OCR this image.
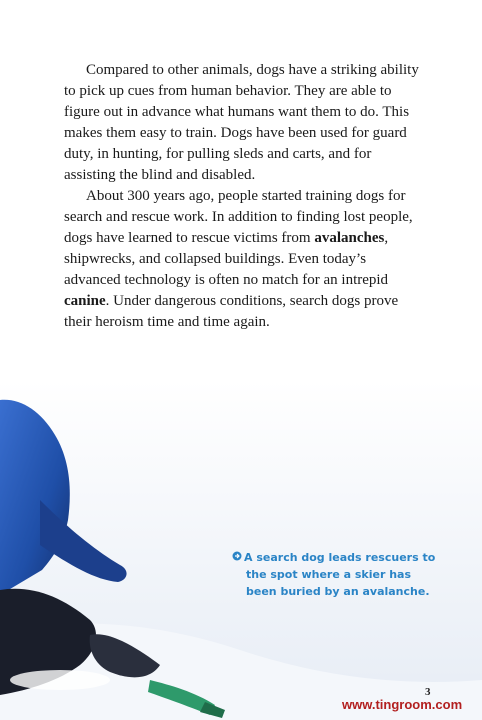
Compared to other animals, dogs have a striking ability to pick up cues from human behavior. They are able to figure out in advance what humans want them to do. This makes them easy to train. Dogs have been used for guard duty, in hunting, for pulling sleds and carts, and for assisting the blind and disabled.

About 300 years ago, people started training dogs for search and rescue work. In addition to finding lost people, dogs have learned to rescue victims from avalanches, shipwrecks, and collapsed buildings. Even today’s advanced technology is often no match for an intrepid canine. Under dangerous conditions, search dogs prove their heroism time and time again.

A search dog leads rescuers to the spot where a skier has been buried by an avalanche.
3
www.tingroom.com
